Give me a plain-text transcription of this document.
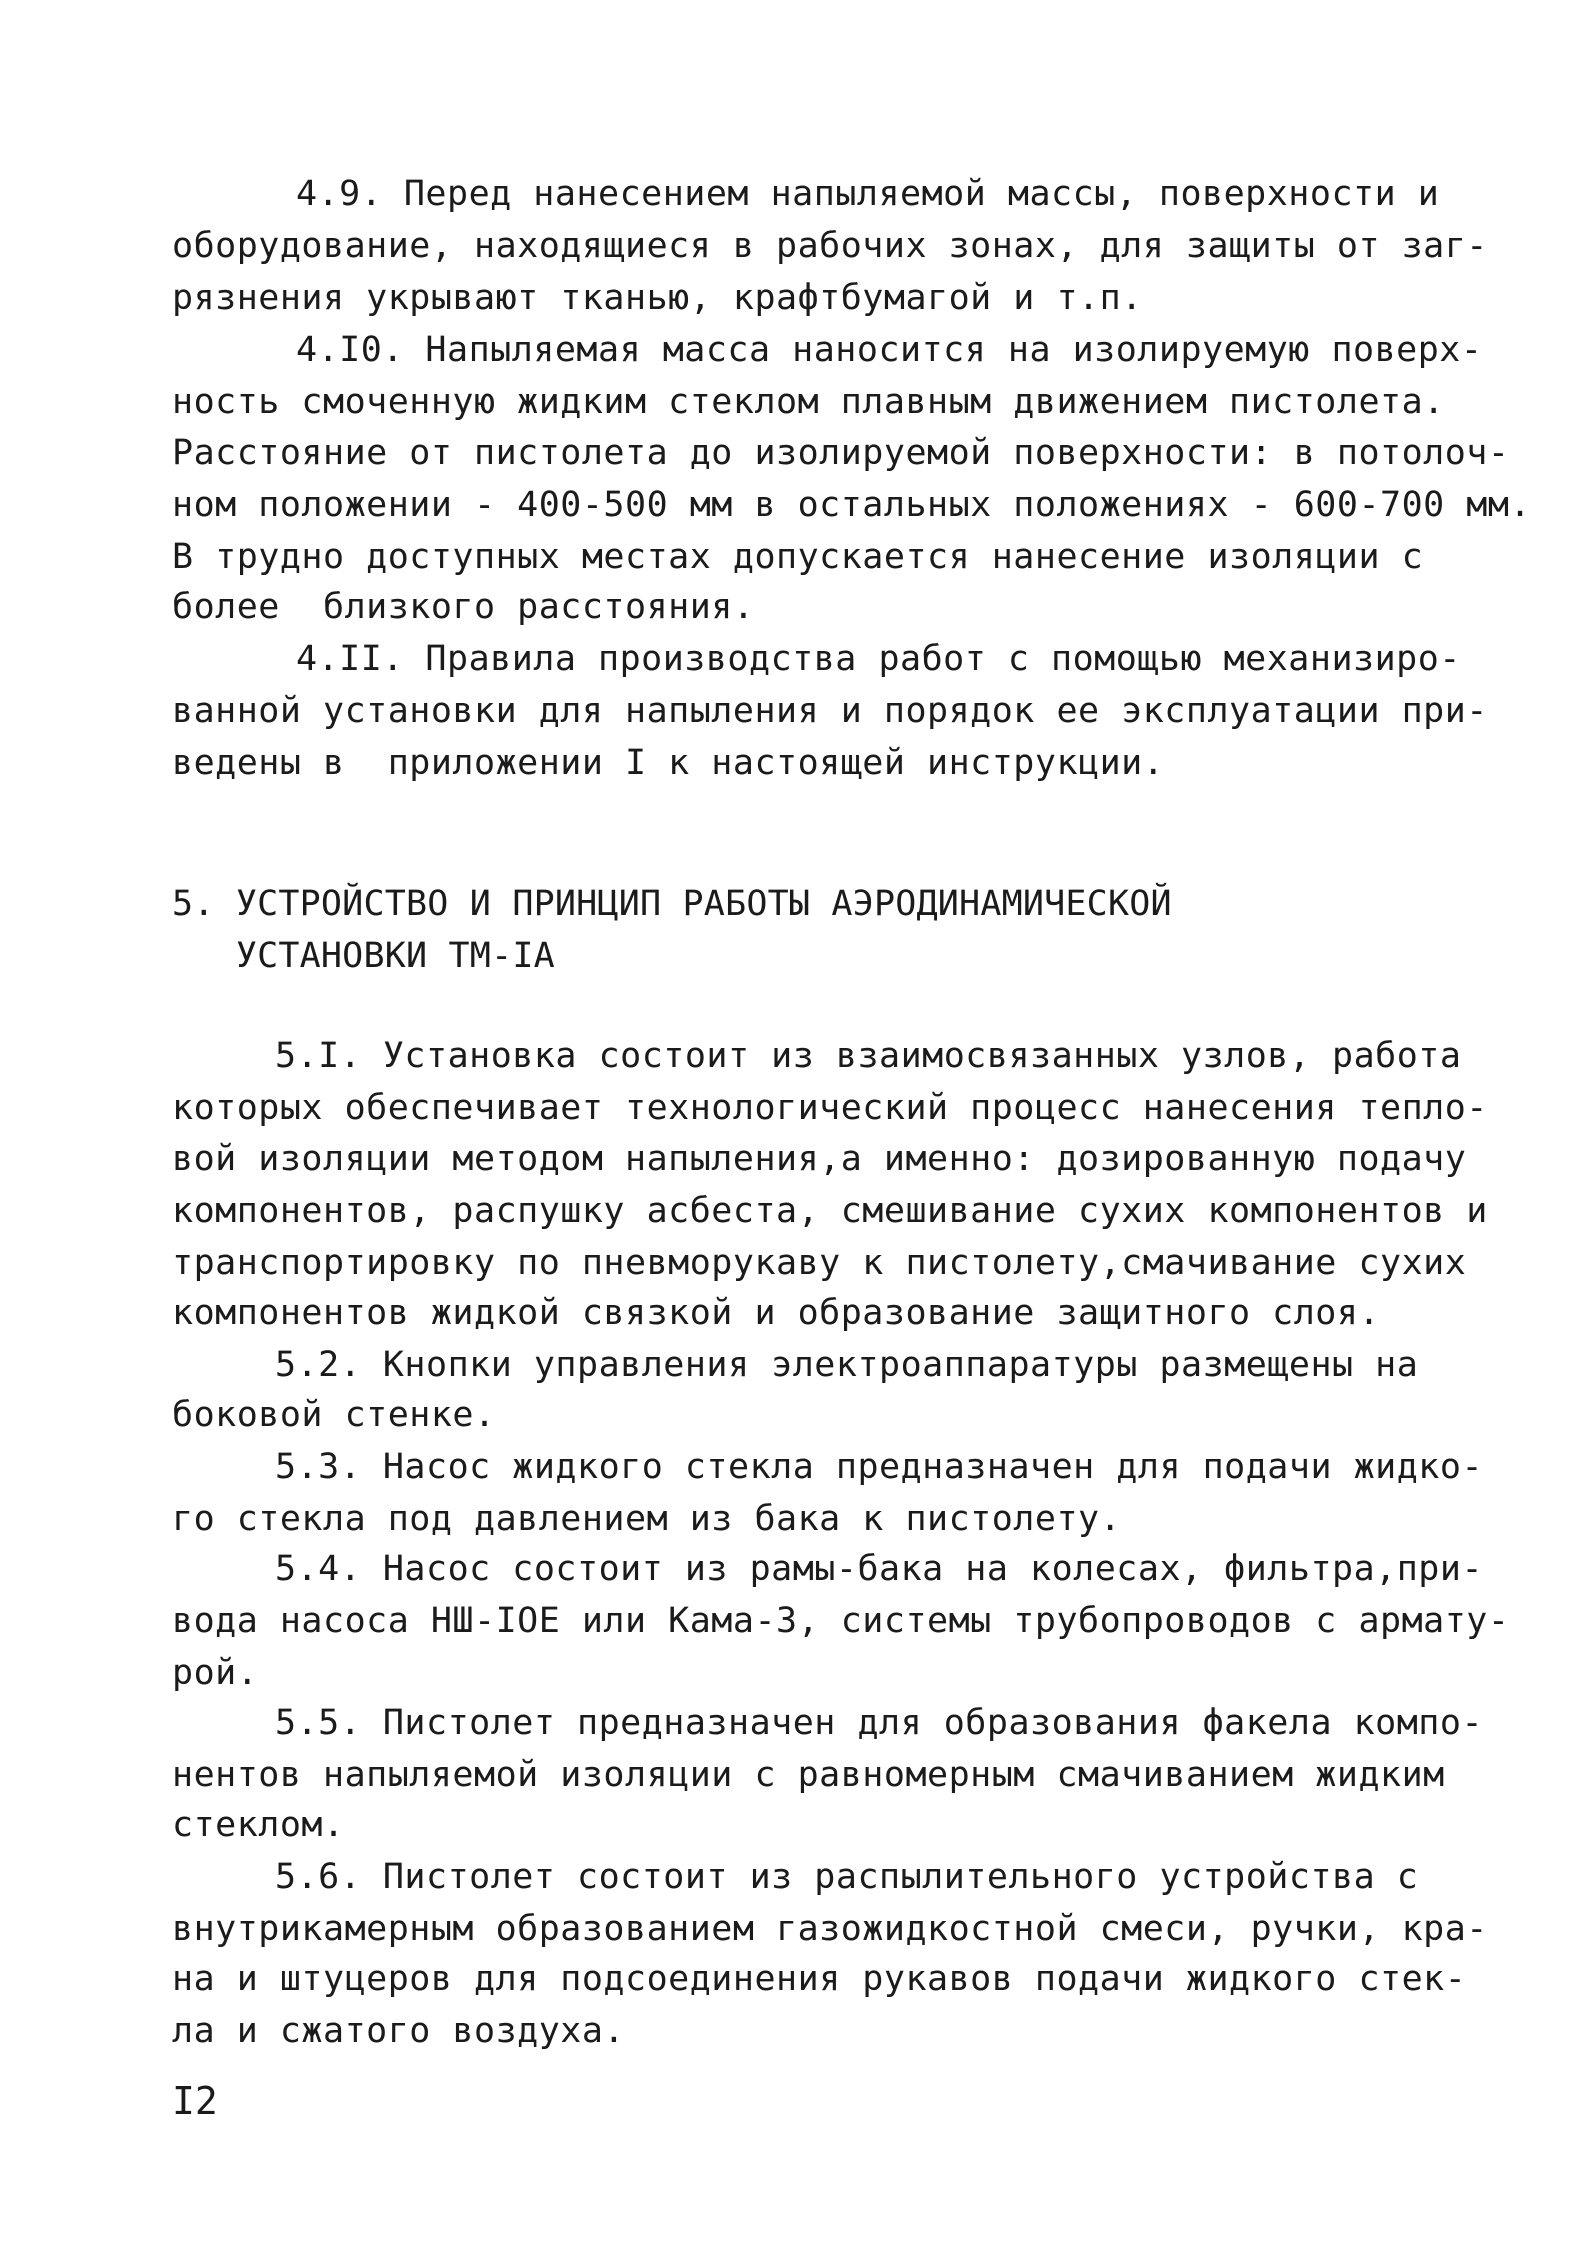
4.9. Перед нанесением напыляемой массы, поверхности и
оборудование, находящиеся в рабочих зонах, для защиты от заг-
рязнения укрывают тканью, крафтбумагой и т.п.
4.I0. Напыляемая масса наносится на изолируемую поверх-
ность смоченную жидким стеклом плавным движением пистолета.
Расстояние от пистолета до изолируемой поверхности: в потолоч-
ном положении - 400-500 мм в остальных положениях - 600-700 мм.
В трудно доступных местах допускается нанесение изоляции с
более  близкого расстояния.
4.II. Правила производства работ с помощью механизиро-
ванной установки для напыления и порядок ее эксплуатации при-
ведены в  приложении I к настоящей инструкции.
5. УСТРОЙСТВО И ПРИНЦИП РАБОТЫ АЭРОДИНАМИЧЕСКОЙ
УСТАНОВКИ ТМ-IА
5.I. Установка состоит из взаимосвязанных узлов, работа
которых обеспечивает технологический процесс нанесения тепло-
вой изоляции методом напыления,а именно: дозированную подачу
компонентов, распушку асбеста, смешивание сухих компонентов и
транспортировку по пневморукаву к пистолету,смачивание сухих
компонентов жидкой связкой и образование защитного слоя.
5.2. Кнопки управления электроаппаратуры размещены на
боковой стенке.
5.3. Насос жидкого стекла предназначен для подачи жидко-
го стекла под давлением из бака к пистолету.
5.4. Насос состоит из рамы-бака на колесах, фильтра,при-
вода насоса НШ-IОЕ или Кама-3, системы трубопроводов с армату-
рой.
5.5. Пистолет предназначен для образования факела компо-
нентов напыляемой изоляции с равномерным смачиванием жидким
стеклом.
5.6. Пистолет состоит из распылительного устройства с
внутрикамерным образованием газожидкостной смеси, ручки, кра-
на и штуцеров для подсоединения рукавов подачи жидкого стек-
ла и сжатого воздуха.
I2
